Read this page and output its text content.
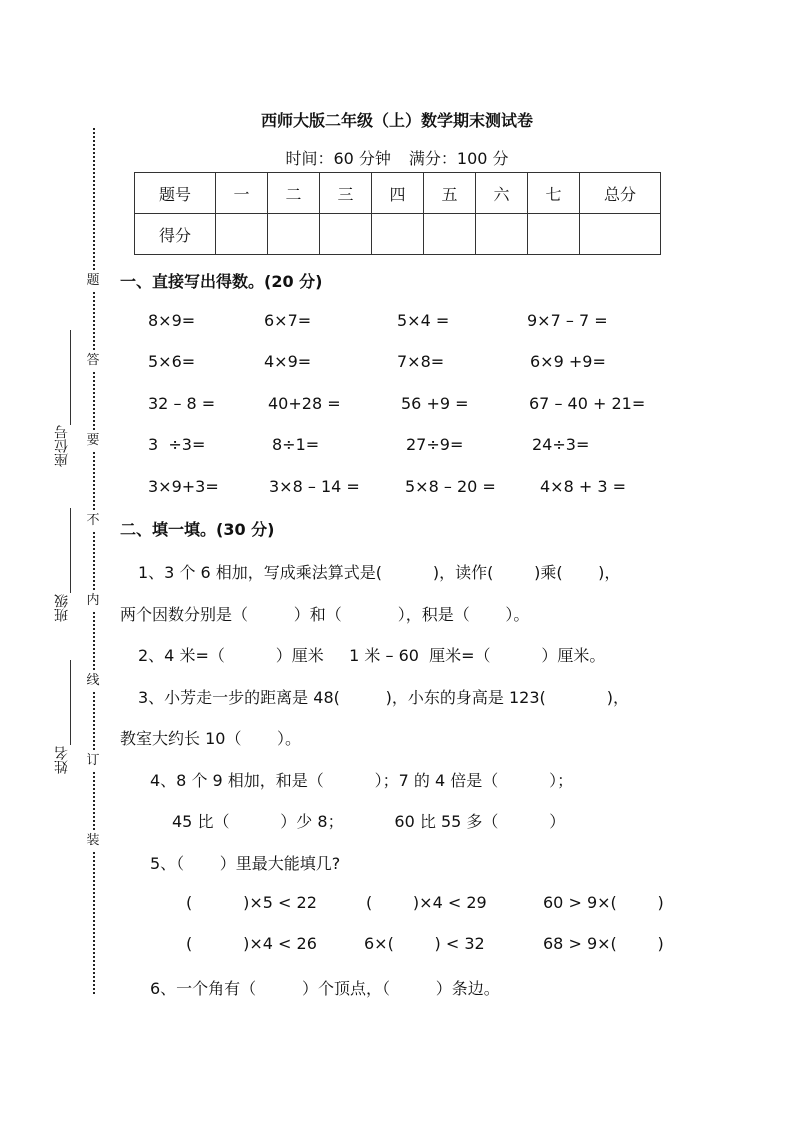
题
答
要
不
内
线
订
装
座位号
班级
姓名
西师大版二年级（上）数学期末测试卷
时间：60 分钟 满分：100 分
题号	一	二	三	四	五	六	七	总分
得分								
一、直接写出得数。(20 分)
8×9=	6×7=	5×4 =	9×7 – 7 =
5×6=	4×9=	7×8=	6×9 +9=
32 – 8 =	40+28 =	56 +9 =	67 – 40 + 21=
3  ÷3=	8÷1=	27÷9=	24÷3=
3×9+3=	3×8 – 14 =	5×8 – 20 =	4×8 + 3 =
二、填一填。(30 分)
1、3 个 6 相加，写成乘法算式是(          )，读作(        )乘(       )，
两个因数分别是（         ）和（           ），积是（       ）。
2、4 米=（          ）厘米     1 米 – 60  厘米=（          ）厘米。
3、小芳走一步的距离是 48(         )，小东的身高是 123(            )，
教室大约长 10（       ）。
4、8 个 9 相加，和是（          ）；7 的 4 倍是（          ）；
45 比（          ）少 8；          60 比 55 多（          ）
5、（       ）里最大能填几?
(          )×5 < 22	(        )×4 < 29	60 > 9×(        )
(          )×4 < 26	6×(        ) < 32	68 > 9×(        )
6、一个角有（         ）个顶点，（         ）条边。
